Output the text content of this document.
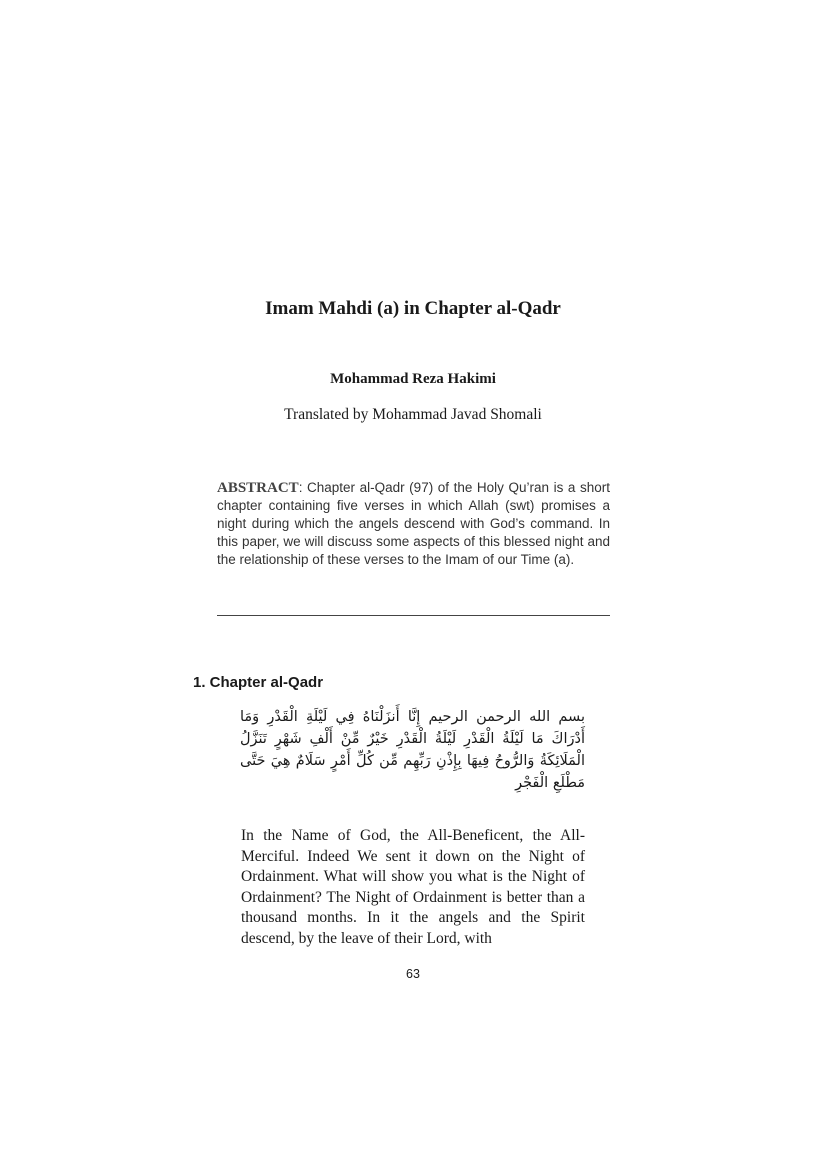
Imam Mahdi (a) in Chapter al-Qadr
Mohammad Reza Hakimi
Translated by Mohammad Javad Shomali
ABSTRACT: Chapter al-Qadr (97) of the Holy Qu’ran is a short chapter containing five verses in which Allah (swt) promises a night during which the angels descend with God’s command. In this paper, we will discuss some aspects of this blessed night and the relationship of these verses to the Imam of our Time (a).
1. Chapter al-Qadr
بسم الله الرحمن الرحيم إِنَّا أَنزَلْنَاهُ فِي لَيْلَةِ الْقَدْرِ وَمَا أَدْرَاكَ مَا لَيْلَةُ الْقَدْرِ لَيْلَةُ الْقَدْرِ خَيْرٌ مِّنْ أَلْفِ شَهْرٍ تَنَزَّلُ الْمَلَائِكَةُ وَالرُّوحُ فِيهَا بِإِذْنِ رَبِّهِم مِّن كُلِّ أَمْرٍ سَلَامٌ هِيَ حَتَّى مَطْلَعِ الْفَجْرِ
In the Name of God, the All-Beneficent, the All-Merciful. Indeed We sent it down on the Night of Ordainment. What will show you what is the Night of Ordainment? The Night of Ordainment is better than a thousand months. In it the angels and the Spirit descend, by the leave of their Lord, with
63
